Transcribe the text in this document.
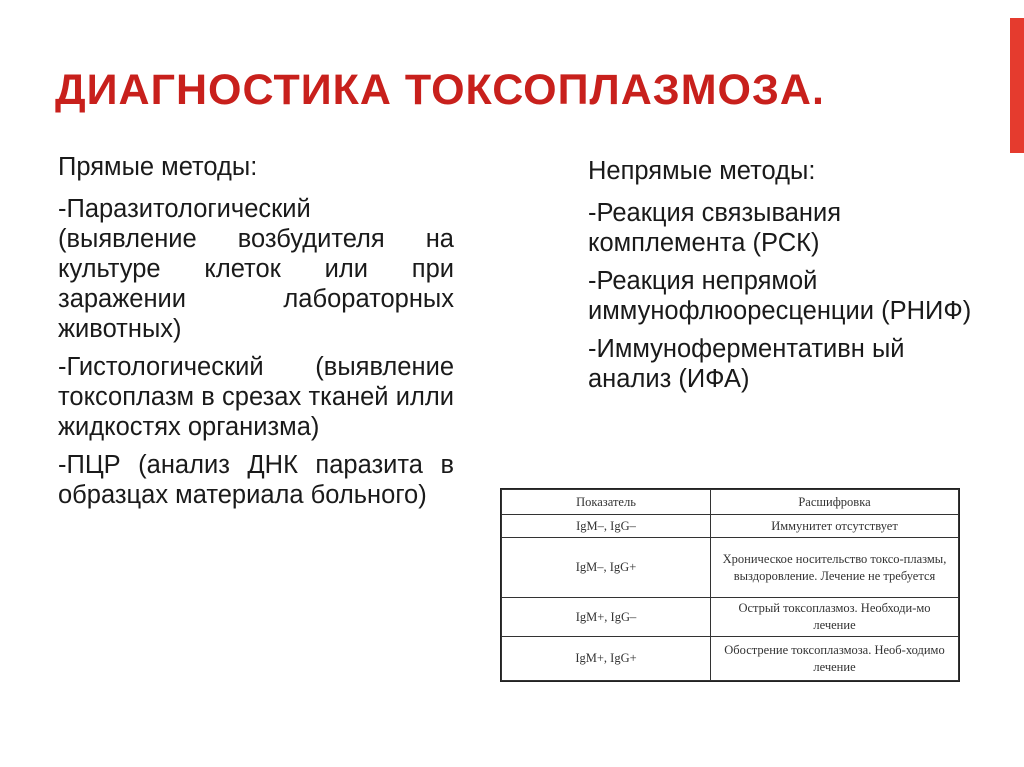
ДИАГНОСТИКА ТОКСОПЛАЗМОЗА.
Прямые методы:
-Паразитологический (выявление возбудителя на культуре клеток или при заражении лабораторных животных)
-Гистологический (выявление токсоплазм в срезах тканей илли жидкостях организма)
-ПЦР (анализ ДНК паразита в образцах материала больного)
Непрямые методы:
-Реакция связывания комплемента (РСК)
-Реакция непрямой иммунофлюоресценции (РНИФ)
-Иммуноферментативн ый анализ (ИФА)
Показатель	Расшифровка
IgM–, IgG–	Иммунитет отсутствует
IgM–, IgG+	Хроническое носительство токсо-плазмы, выздоровление. Лечение не требуется
IgM+, IgG–	Острый токсоплазмоз. Необходи-мо лечение
IgM+, IgG+	Обострение токсоплазмоза. Необ-ходимо лечение
